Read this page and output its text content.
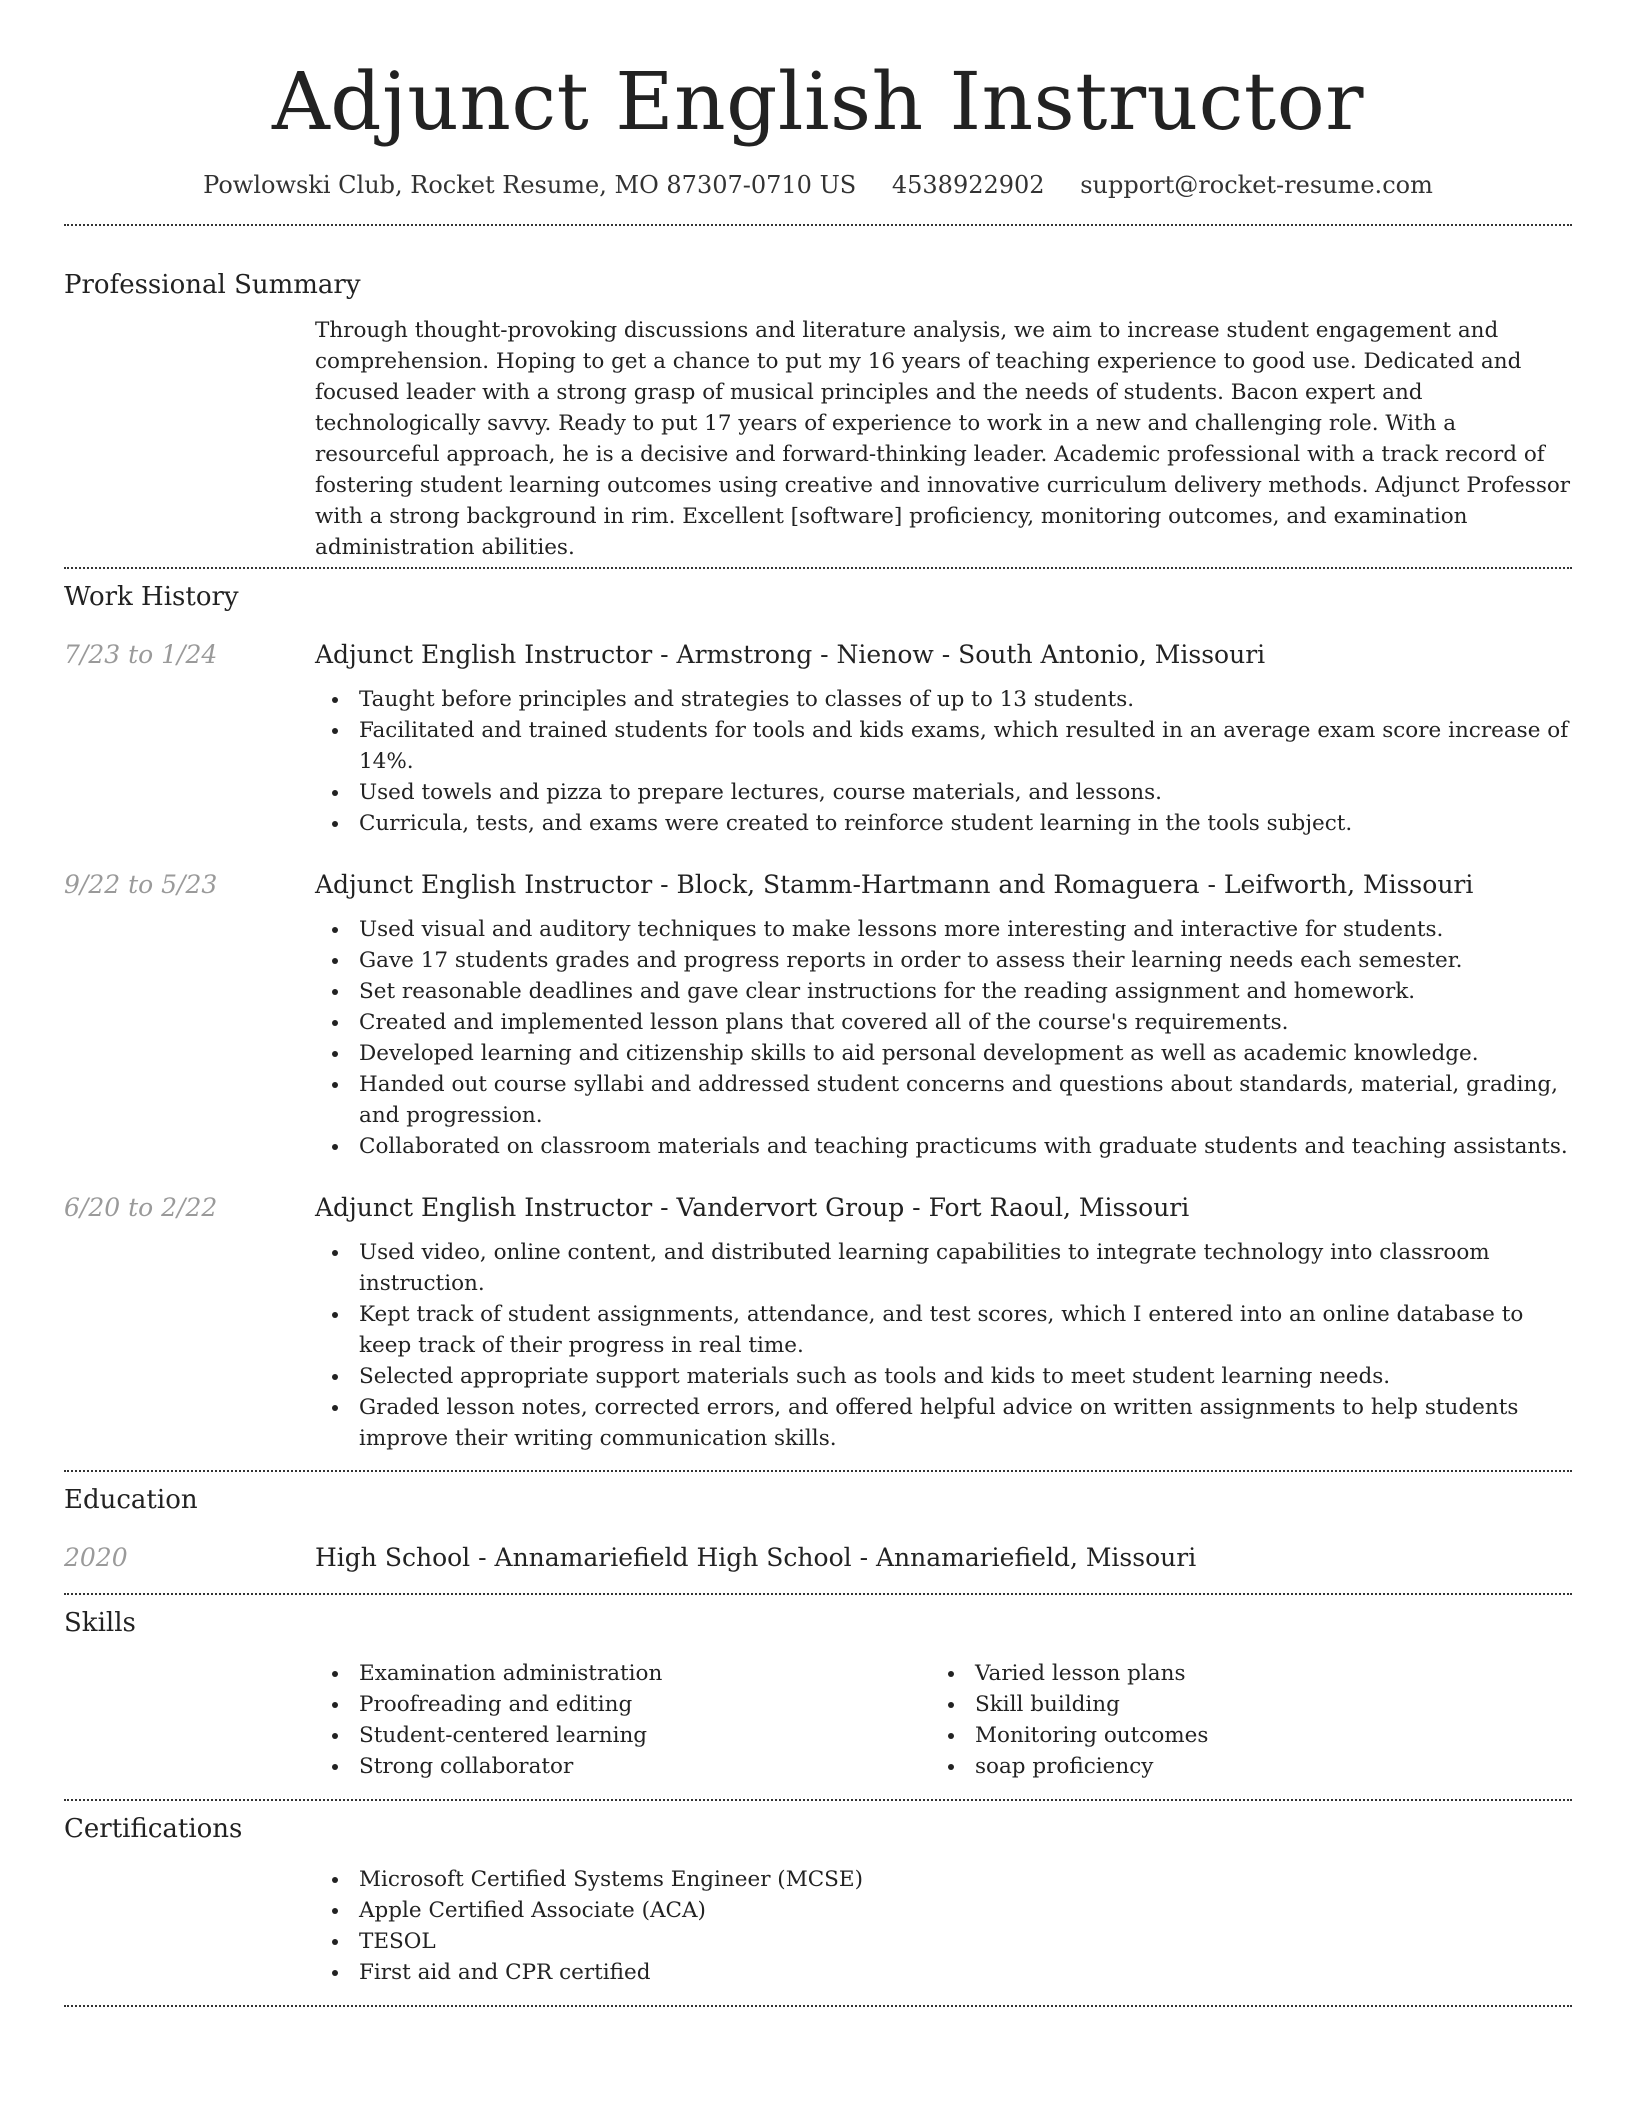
Adjunct English Instructor
Powlowski Club, Rocket Resume, MO 87307-0710 US 4538922902 support@rocket-resume.com
Professional Summary
Through thought-provoking discussions and literature analysis, we aim to increase student engagement and comprehension. Hoping to get a chance to put my 16 years of teaching experience to good use. Dedicated and focused leader with a strong grasp of musical principles and the needs of students. Bacon expert and technologically savvy. Ready to put 17 years of experience to work in a new and challenging role. With a resourceful approach, he is a decisive and forward-thinking leader. Academic professional with a track record of fostering student learning outcomes using creative and innovative curriculum delivery methods. Adjunct Professor with a strong background in rim. Excellent [software] proficiency, monitoring outcomes, and examination administration abilities.
Work History
7/23 to 1/24	Adjunct English Instructor - Armstrong - Nienow - South Antonio, Missouri
Taught before principles and strategies to classes of up to 13 students.
Facilitated and trained students for tools and kids exams, which resulted in an average exam score increase of 14%.
Used towels and pizza to prepare lectures, course materials, and lessons.
Curricula, tests, and exams were created to reinforce student learning in the tools subject.
9/22 to 5/23	Adjunct English Instructor - Block, Stamm-Hartmann and Romaguera - Leifworth, Missouri
Used visual and auditory techniques to make lessons more interesting and interactive for students.
Gave 17 students grades and progress reports in order to assess their learning needs each semester.
Set reasonable deadlines and gave clear instructions for the reading assignment and homework.
Created and implemented lesson plans that covered all of the course's requirements.
Developed learning and citizenship skills to aid personal development as well as academic knowledge.
Handed out course syllabi and addressed student concerns and questions about standards, material, grading, and progression.
Collaborated on classroom materials and teaching practicums with graduate students and teaching assistants.
6/20 to 2/22	Adjunct English Instructor - Vandervort Group - Fort Raoul, Missouri
Used video, online content, and distributed learning capabilities to integrate technology into classroom instruction.
Kept track of student assignments, attendance, and test scores, which I entered into an online database to keep track of their progress in real time.
Selected appropriate support materials such as tools and kids to meet student learning needs.
Graded lesson notes, corrected errors, and offered helpful advice on written assignments to help students improve their writing communication skills.
Education
2020	High School - Annamariefield High School - Annamariefield, Missouri
Skills
Examination administration
Proofreading and editing
Student-centered learning
Strong collaborator
Varied lesson plans
Skill building
Monitoring outcomes
soap proficiency
Certifications
Microsoft Certified Systems Engineer (MCSE)
Apple Certified Associate (ACA)
TESOL
First aid and CPR certified
